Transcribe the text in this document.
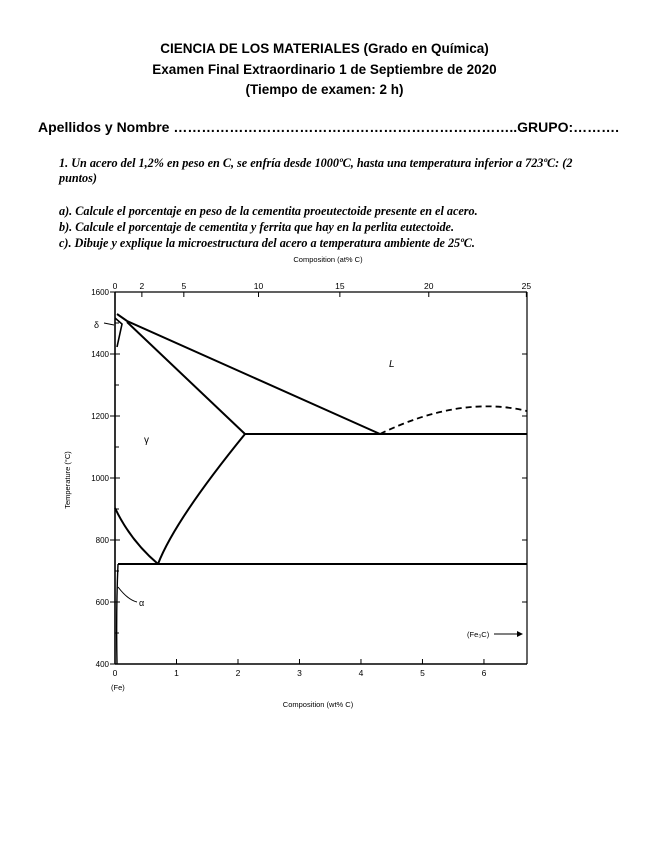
CIENCIA DE LOS MATERIALES (Grado en Química)
Examen Final Extraordinario 1 de Septiembre de 2020
(Tiempo de examen: 2 h)
Apellidos y Nombre ………………………………………………………………..GRUPO:……….
1. Un acero del 1,2% en peso en C, se enfría desde 1000ºC, hasta una temperatura inferior a 723ºC: (2 puntos)
a). Calcule el porcentaje en peso de la cementita proeutectoide presente en el acero.
b). Calcule el porcentaje de cementita y ferrita que hay en la perlita eutectoide.
c). Dibuje y explique la microestructura del acero a temperatura ambiente de 25ºC.
1600
1400
1200
1000
800
600
400
0	1	2	3	4	5	6
0	2	5	10	15	20	25
Composition (at% C)
Composition (wt% C)
Temperature (°C)
(Fe)
L
γ
δ
α
(Fe₃C)
